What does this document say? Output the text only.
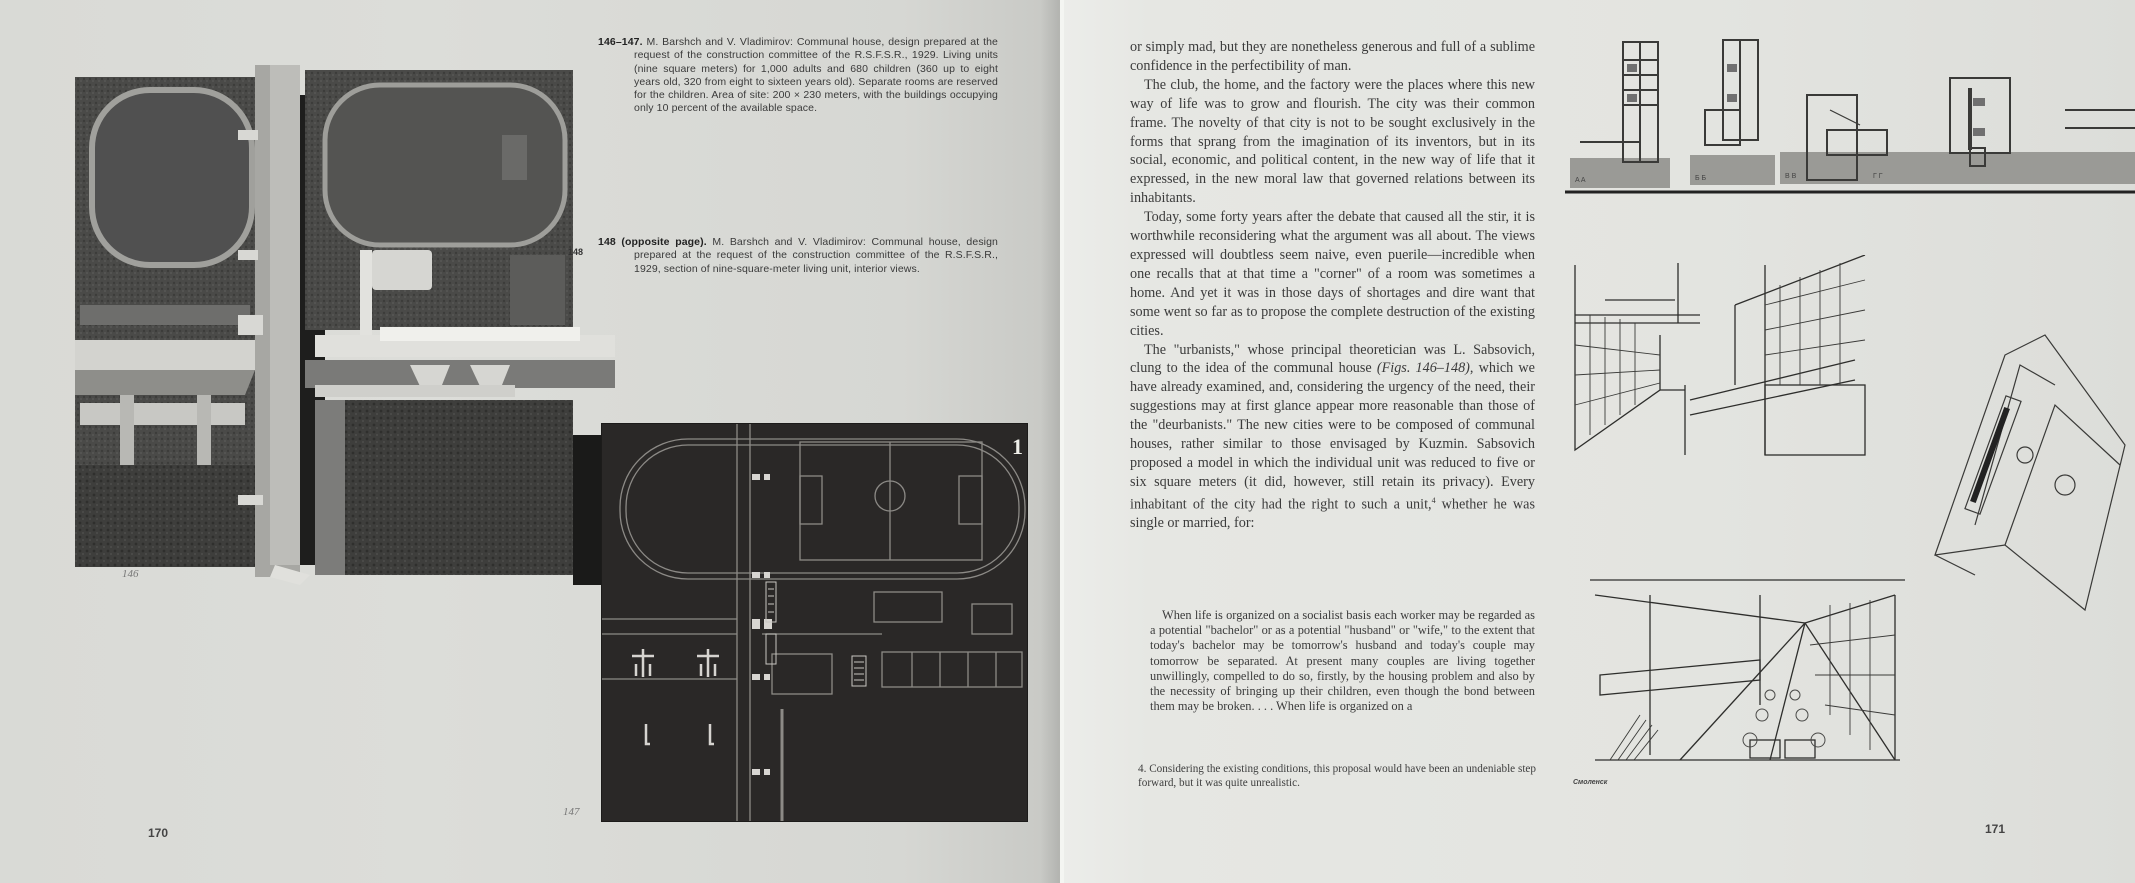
148
146–147. M. Barshch and V. Vladimirov: Communal house, design prepared at the request of the construction committee of the R.S.F.S.R., 1929. Living units (nine square meters) for 1,000 adults and 680 children (360 up to eight years old, 320 from eight to sixteen years old). Separate rooms are reserved for the children. Area of site: 200 × 230 meters, with the buildings occupying only 10 percent of the available space.
148 (opposite page). M. Barshch and V. Vladimirov: Communal house, design prepared at the request of the construction committee of the R.S.F.S.R., 1929, section of nine-square-meter living unit, interior views.
146
147
170
1

or simply mad, but they are nonetheless generous and full of a sublime confidence in the perfectibility of man.

The club, the home, and the factory were the places where this new way of life was to grow and flourish. The city was their common frame. The novelty of that city is not to be sought exclusively in the forms that sprang from the imagination of its inventors, but in its social, economic, and political content, in the new way of life that it expressed, in the new moral law that governed relations between its inhabitants.

Today, some forty years after the debate that caused all the stir, it is worthwhile reconsidering what the argument was all about. The views expressed will doubtless seem naive, even puerile—incredible when one recalls that at that time a "corner" of a room was sometimes a home. And yet it was in those days of shortages and dire want that some went so far as to propose the complete destruction of the existing cities.

The "urbanists," whose principal theoretician was L. Sabsovich, clung to the idea of the communal house (Figs. 146–148), which we have already examined, and, considering the urgency of the need, their suggestions may at first glance appear more reasonable than those of the "deurbanists." The new cities were to be composed of communal houses, rather similar to those envisaged by Kuzmin. Sabsovich proposed a model in which the individual unit was reduced to five or six square meters (it did, however, still retain its privacy). Every inhabitant of the city had the right to such a unit,$^4$ whether he was single or married, for:

When life is organized on a socialist basis each worker may be regarded as a potential "bachelor" or as a potential "husband" or "wife," to the extent that today's bachelor may be tomorrow's husband and today's couple may tomorrow be separated. At present many couples are living together unwillingly, compelled to do so, firstly, by the housing problem and also by the necessity of bringing up their children, even though the bond between them may be broken. . . . When life is organized on a

4. Considering the existing conditions, this proposal would have been an undeniable step forward, but it was quite unrealistic.
A A	Б Б	В В	Г Г
Смоленск
171
